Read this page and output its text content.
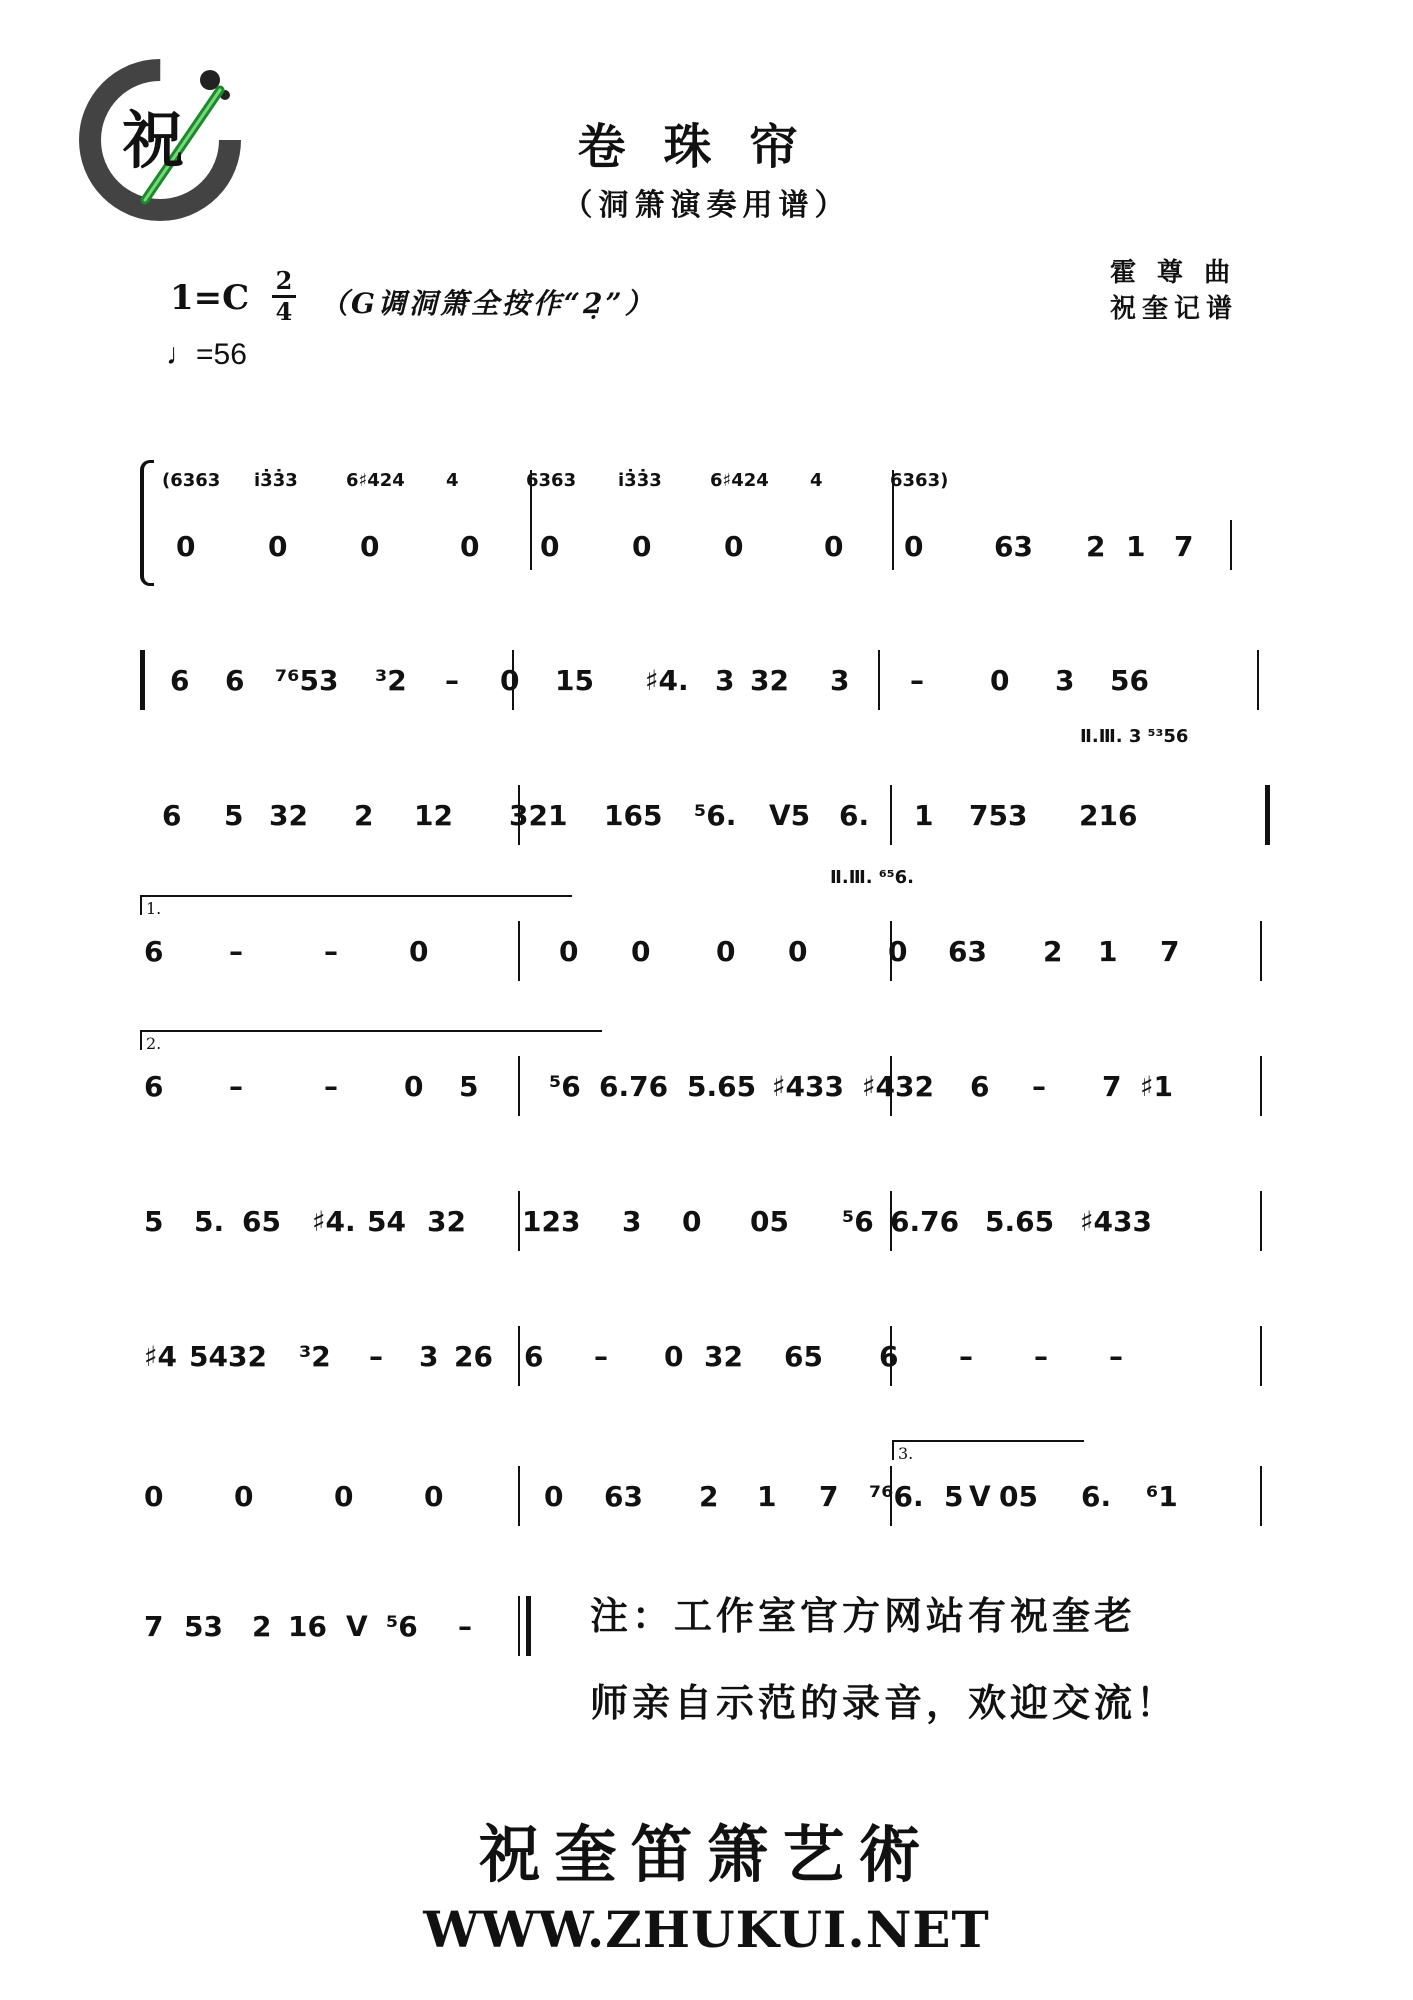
祝	卷珠帘
（洞箫演奏用谱）
1=C 2
4 （G调洞箫全按作“2̣”）
♩=56
霍 尊 曲
祝奎记谱
(6363 i3̇3̇3	6♯424 4	6363 i3̇3̇3	6♯424 4	6363)
0	0	0	0 0	0	0	0 0	63 2 1 7
6 6 ⁷⁶53 ³2 – 0 15 ♯4. 3 32 3 – 0 3 56
Ⅱ.Ⅲ. 3 ⁵³56
6 5 32 2 12 321 165 ⁵6. ᐯ5 6. 1 753 216
Ⅱ.Ⅲ. ⁶⁵6.
1.
6 –	–	0	0 0 0 0	0 63 2 1 7
2.
6 –	– 0 5	⁵6 6.76 5.65 ♯433 ♯432 6 – 7 ♯1
5 5. 65 ♯4. 54 32 123 3 0 05 ⁵6 6.76 5.65 ♯433
♯4 5432 ³2 – 3 26 6 – 0 32 65 6 – – –
3.
0	0	0	0	0 63 2 1 7 ⁷⁶6. 5 ᐯ 05 6. ⁶1
7 53 2 16 ᐯ ⁵6 –	注：工作室官方网站有祝奎老
师亲自示范的录音，欢迎交流！
祝奎笛箫艺術
WWW.ZHUKUI.NET
